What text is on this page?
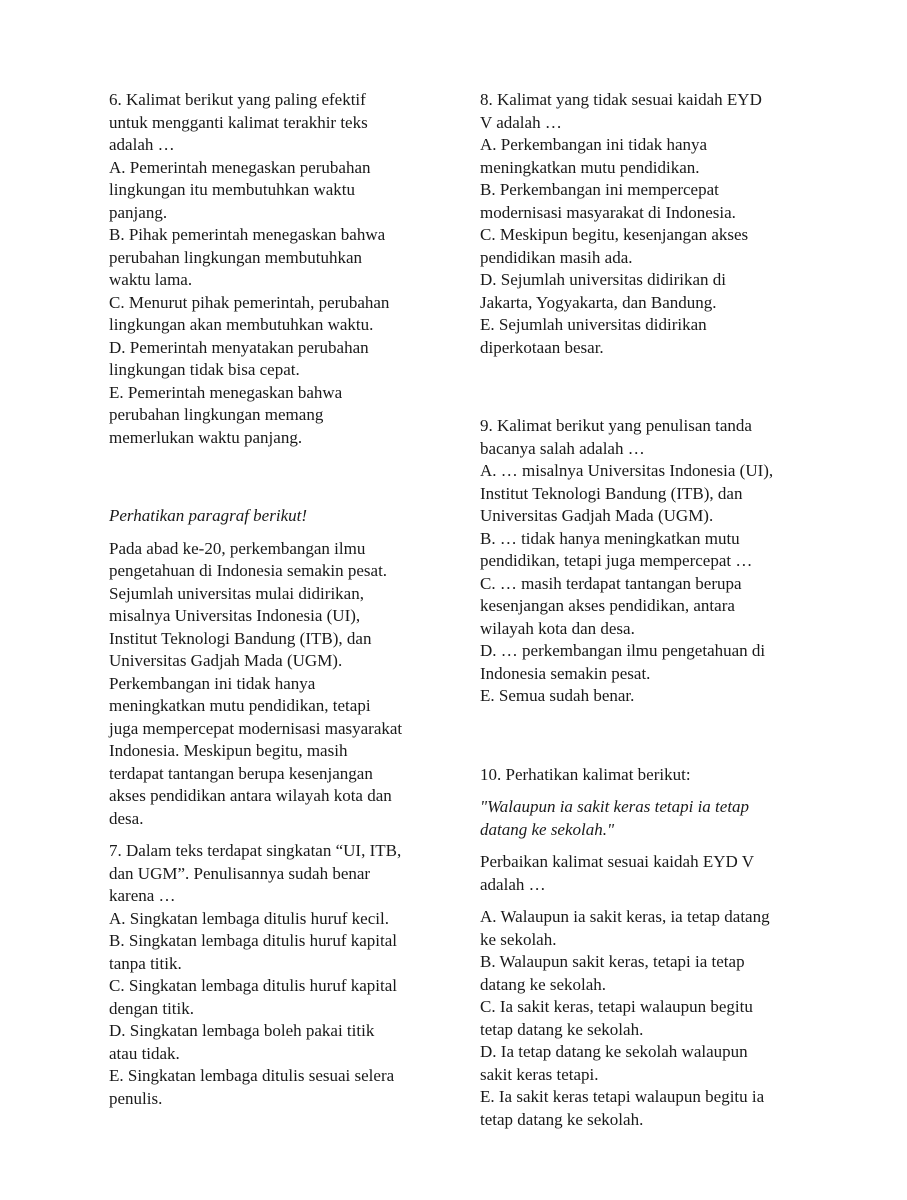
6. Kalimat berikut yang paling efektif
untuk mengganti kalimat terakhir teks
adalah …
A. Pemerintah menegaskan perubahan
lingkungan itu membutuhkan waktu
panjang.
B. Pihak pemerintah menegaskan bahwa
perubahan lingkungan membutuhkan
waktu lama.
C. Menurut pihak pemerintah, perubahan
lingkungan akan membutuhkan waktu.
D. Pemerintah menyatakan perubahan
lingkungan tidak bisa cepat.
E. Pemerintah menegaskan bahwa
perubahan lingkungan memang
memerlukan waktu panjang.
Perhatikan paragraf berikut!
Pada abad ke-20, perkembangan ilmu
pengetahuan di Indonesia semakin pesat.
Sejumlah universitas mulai didirikan,
misalnya Universitas Indonesia (UI),
Institut Teknologi Bandung (ITB), dan
Universitas Gadjah Mada (UGM).
Perkembangan ini tidak hanya
meningkatkan mutu pendidikan, tetapi
juga mempercepat modernisasi masyarakat
Indonesia. Meskipun begitu, masih
terdapat tantangan berupa kesenjangan
akses pendidikan antara wilayah kota dan
desa.
7. Dalam teks terdapat singkatan “UI, ITB,
dan UGM”. Penulisannya sudah benar
karena …
A. Singkatan lembaga ditulis huruf kecil.
B. Singkatan lembaga ditulis huruf kapital
tanpa titik.
C. Singkatan lembaga ditulis huruf kapital
dengan titik.
D. Singkatan lembaga boleh pakai titik
atau tidak.
E. Singkatan lembaga ditulis sesuai selera
penulis.
8. Kalimat yang tidak sesuai kaidah EYD
V adalah …
A. Perkembangan ini tidak hanya
meningkatkan mutu pendidikan.
B. Perkembangan ini mempercepat
modernisasi masyarakat di Indonesia.
C. Meskipun begitu, kesenjangan akses
pendidikan masih ada.
D. Sejumlah universitas didirikan di
Jakarta, Yogyakarta, dan Bandung.
E. Sejumlah universitas didirikan
diperkotaan besar.
9. Kalimat berikut yang penulisan tanda
bacanya salah adalah …
A. … misalnya Universitas Indonesia (UI),
Institut Teknologi Bandung (ITB), dan
Universitas Gadjah Mada (UGM).
B. … tidak hanya meningkatkan mutu
pendidikan, tetapi juga mempercepat …
C. … masih terdapat tantangan berupa
kesenjangan akses pendidikan, antara
wilayah kota dan desa.
D. … perkembangan ilmu pengetahuan di
Indonesia semakin pesat.
E. Semua sudah benar.
10. Perhatikan kalimat berikut:
"Walaupun ia sakit keras tetapi ia tetap
datang ke sekolah."
Perbaikan kalimat sesuai kaidah EYD V
adalah …
A. Walaupun ia sakit keras, ia tetap datang
ke sekolah.
B. Walaupun sakit keras, tetapi ia tetap
datang ke sekolah.
C. Ia sakit keras, tetapi walaupun begitu
tetap datang ke sekolah.
D. Ia tetap datang ke sekolah walaupun
sakit keras tetapi.
E. Ia sakit keras tetapi walaupun begitu ia
tetap datang ke sekolah.
